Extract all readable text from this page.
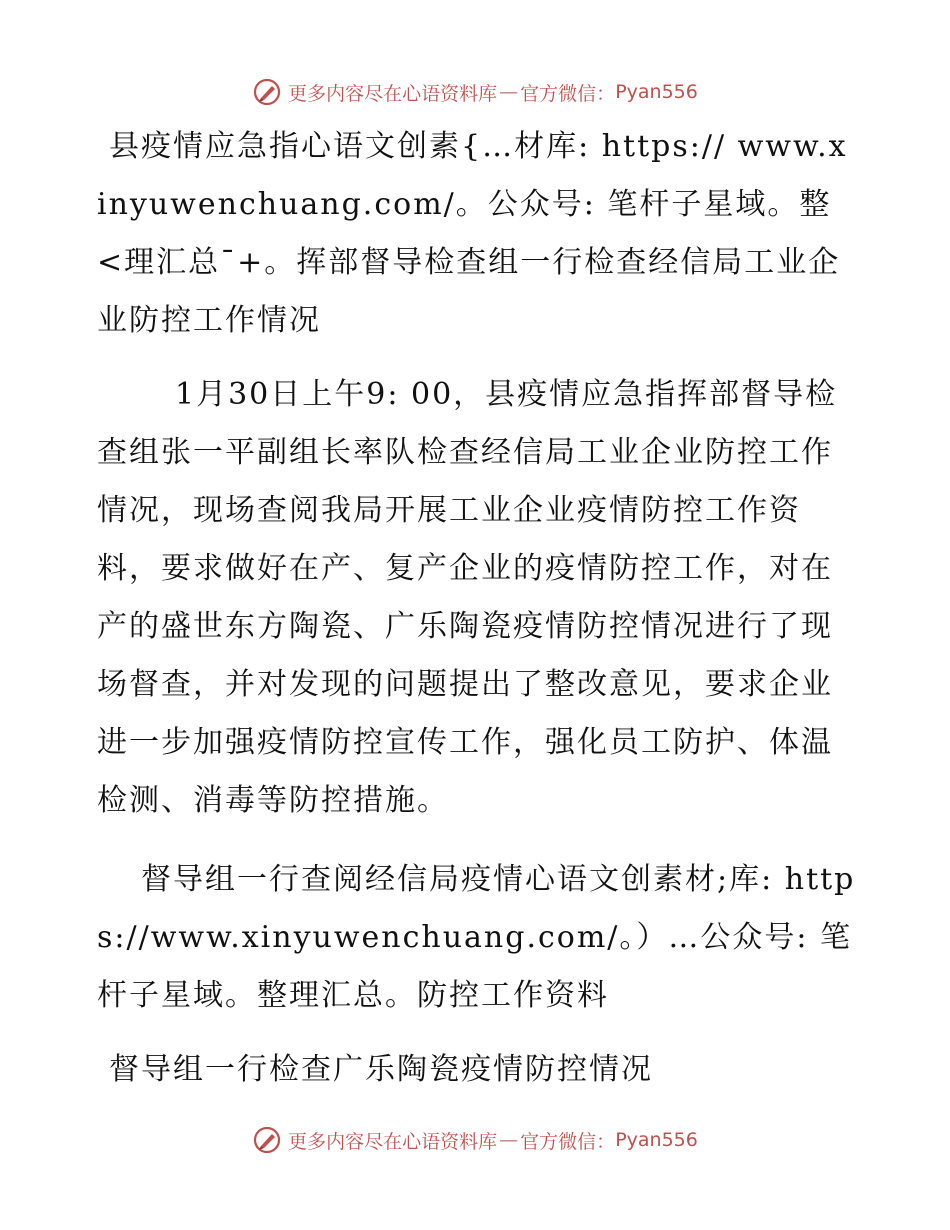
更多内容尽在心语资料库 — 官方微信： Pyan556

县疫情应急指心语文创素{…材库: https:// www.xinyuwenchuang.com/。公众号: 笔杆子星域。整<理汇总¯+。挥部督导检查组一行检查经信局工业企业防控工作情况

1月30日上午9: 00，县疫情应急指挥部督导检查组张一平副组长率队检查经信局工业企业防控工作情况，现场查阅我局开展工业企业疫情防控工作资料，要求做好在产、复产企业的疫情防控工作，对在产的盛世东方陶瓷、广乐陶瓷疫情防控情况进行了现场督查，并对发现的问题提出了整改意见，要求企业进一步加强疫情防控宣传工作，强化员工防护、体温检测、消毒等防控措施。

督导组一行查阅经信局疫情心语文创素材;库: https://www.xinyuwenchuang.com/。）…公众号: 笔杆子星域。整理汇总。防控工作资料

督导组一行检查广乐陶瓷疫情防控情况

更多内容尽在心语资料库 — 官方微信： Pyan556
